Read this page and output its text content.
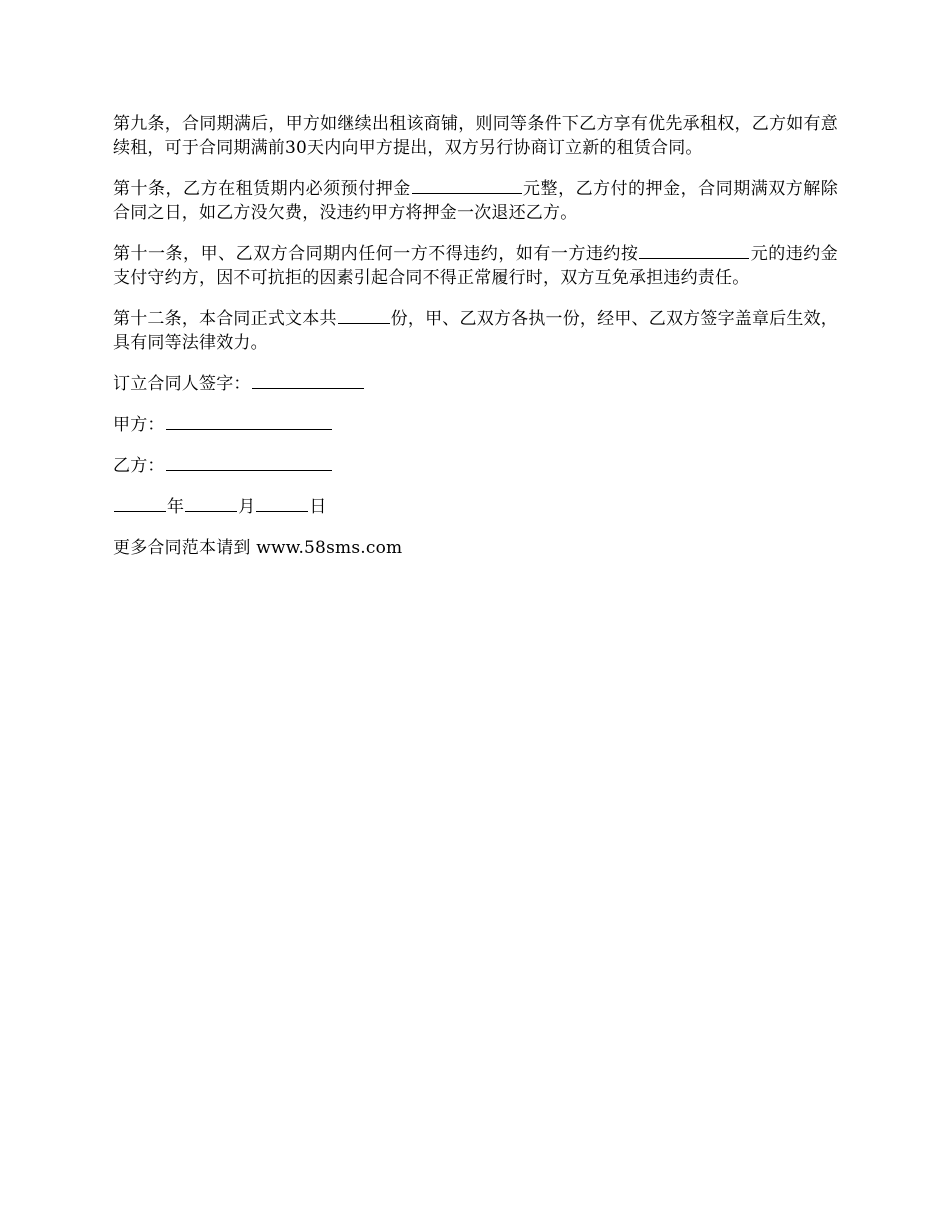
第九条，合同期满后，甲方如继续出租该商铺，则同等条件下乙方享有优先承租权，乙方如有意续租，可于合同期满前30天内向甲方提出，双方另行协商订立新的租赁合同。

第十条，乙方在租赁期内必须预付押金	元整，乙方付的押金，合同期满双方解除合同之日，如乙方没欠费，没违约甲方将押金一次退还乙方。

第十一条，甲、乙双方合同期内任何一方不得违约，如有一方违约按	元的违约金支付守约方，因不可抗拒的因素引起合同不得正常履行时，双方互免承担违约责任。

第十二条，本合同正式文本共	份，甲、乙双方各执一份，经甲、乙双方签字盖章后生效，具有同等法律效力。

订立合同人签字：

甲方：

乙方：

年	月	日

更多合同范本请到 www.58sms.com
